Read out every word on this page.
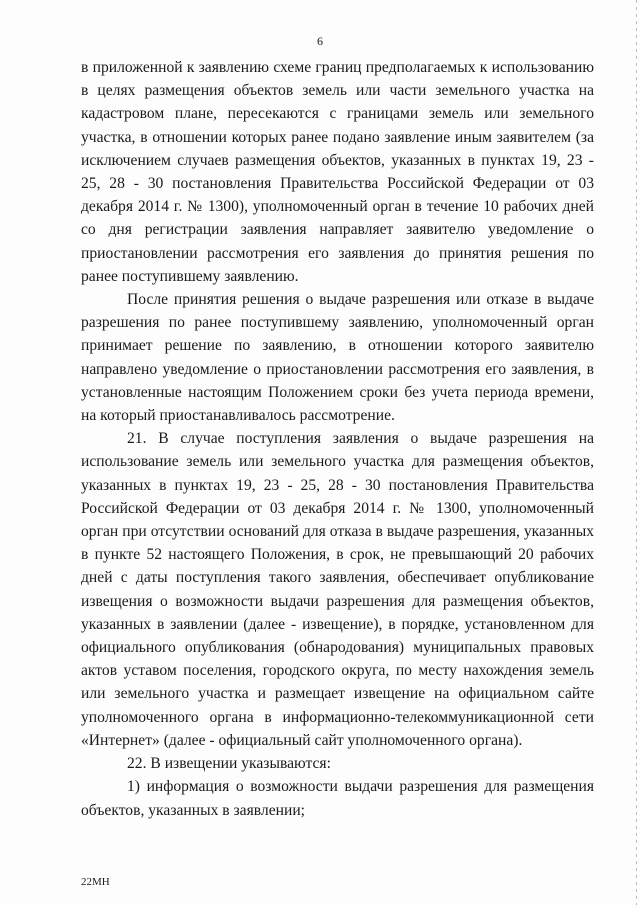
6

в приложенной к заявлению схеме границ предполагаемых к использованию в целях размещения объектов земель или части земельного участка на кадастровом плане, пересекаются с границами земель или земельного участка, в отношении которых ранее подано заявление иным заявителем (за исключением случаев размещения объектов, указанных в пунктах 19, 23 - 25, 28 - 30 постановления Правительства Российской Федерации от 03 декабря 2014 г. № 1300), уполномоченный орган в течение 10 рабочих дней со дня регистрации заявления направляет заявителю уведомление о приостановлении рассмотрения его заявления до принятия решения по ранее поступившему заявлению.

После принятия решения о выдаче разрешения или отказе в выдаче разрешения по ранее поступившему заявлению, уполномоченный орган принимает решение по заявлению, в отношении которого заявителю направлено уведомление о приостановлении рассмотрения его заявления, в установленные настоящим Положением сроки без учета периода времени, на который приостанавливалось рассмотрение.

21. В случае поступления заявления о выдаче разрешения на использование земель или земельного участка для размещения объектов, указанных в пунктах 19, 23 - 25, 28 - 30 постановления Правительства Российской Федерации от 03 декабря 2014 г. № 1300, уполномоченный орган при отсутствии оснований для отказа в выдаче разрешения, указанных в пункте 52 настоящего Положения, в срок, не превышающий 20 рабочих дней с даты поступления такого заявления, обеспечивает опубликование извещения о возможности выдачи разрешения для размещения объектов, указанных в заявлении (далее - извещение), в порядке, установленном для официального опубликования (обнародования) муниципальных правовых актов уставом поселения, городского округа, по месту нахождения земель или земельного участка и размещает извещение на официальном сайте уполномоченного органа в информационно-телекоммуникационной сети «Интернет» (далее - официальный сайт уполномоченного органа).

22. В извещении указываются:

1) информация о возможности выдачи разрешения для размещения объектов, указанных в заявлении;

22МН
